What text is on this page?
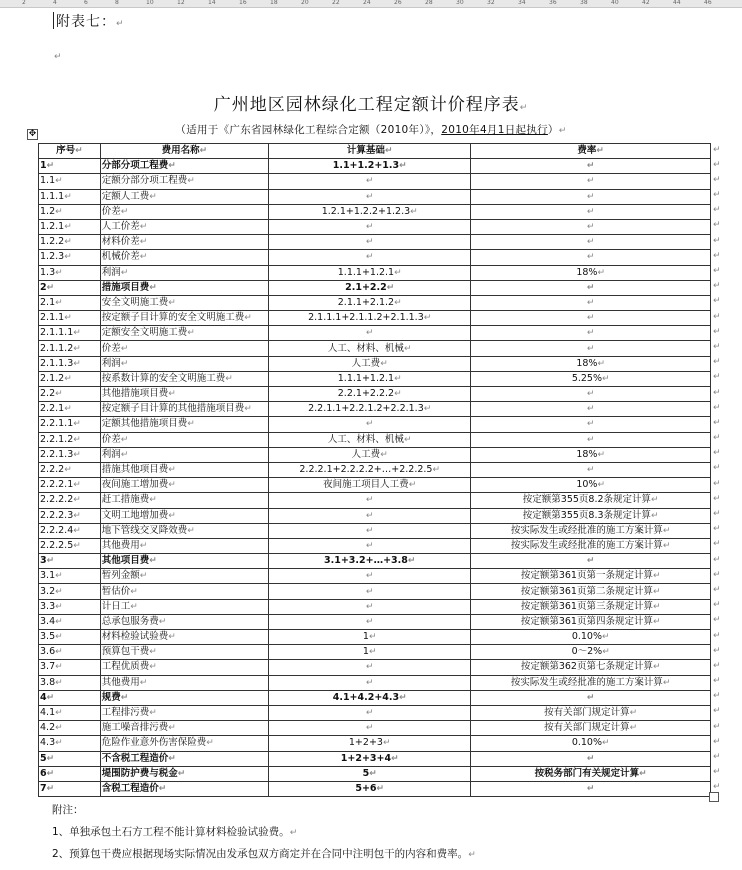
2	4	6	8	10	12	14	16	18	20	22	24	26	28	30	32	34	36	38	40	42	44	46
附表七：↵
↵
广州地区园林绿化工程定额计价程序表↵
（适用于《广东省园林绿化工程综合定额（2010年）》，2010年4月1日起执行）↵
✥
序号↵	费用名称↵	计算基础↵	费率↵
1↵	分部分项工程费↵	1.1+1.2+1.3↵	↵
1.1↵	定额分部分项工程费↵	↵	↵
1.1.1↵	定额人工费↵	↵	↵
1.2↵	价差↵	1.2.1+1.2.2+1.2.3↵	↵
1.2.1↵	人工价差↵	↵	↵
1.2.2↵	材料价差↵	↵	↵
1.2.3↵	机械价差↵	↵	↵
1.3↵	利润↵	1.1.1+1.2.1↵	18%↵
2↵	措施项目费↵	2.1+2.2↵	↵
2.1↵	安全文明施工费↵	2.1.1+2.1.2↵	↵
2.1.1↵	按定额子目计算的安全文明施工费↵	2.1.1.1+2.1.1.2+2.1.1.3↵	↵
2.1.1.1↵	定额安全文明施工费↵	↵	↵
2.1.1.2↵	价差↵	人工、材料、机械↵	↵
2.1.1.3↵	利润↵	人工费↵	18%↵
2.1.2↵	按系数计算的安全文明施工费↵	1.1.1+1.2.1↵	5.25%↵
2.2↵	其他措施项目费↵	2.2.1+2.2.2↵	↵
2.2.1↵	按定额子目计算的其他措施项目费↵	2.2.1.1+2.2.1.2+2.2.1.3↵	↵
2.2.1.1↵	定额其他措施项目费↵	↵	↵
2.2.1.2↵	价差↵	人工、材料、机械↵	↵
2.2.1.3↵	利润↵	人工费↵	18%↵
2.2.2↵	措施其他项目费↵	2.2.2.1+2.2.2.2+…+2.2.2.5↵	↵
2.2.2.1↵	夜间施工增加费↵	夜间施工项目人工费↵	10%↵
2.2.2.2↵	赶工措施费↵	↵	按定额第355页8.2条规定计算↵
2.2.2.3↵	文明工地增加费↵	↵	按定额第355页8.3条规定计算↵
2.2.2.4↵	地下管线交叉降效费↵	↵	按实际发生或经批准的施工方案计算↵
2.2.2.5↵	其他费用↵	↵	按实际发生或经批准的施工方案计算↵
3↵	其他项目费↵	3.1+3.2+…+3.8↵	↵
3.1↵	暂列金额↵	↵	按定额第361页第一条规定计算↵
3.2↵	暂估价↵	↵	按定额第361页第二条规定计算↵
3.3↵	计日工↵	↵	按定额第361页第三条规定计算↵
3.4↵	总承包服务费↵	↵	按定额第361页第四条规定计算↵
3.5↵	材料检验试验费↵	1↵	0.10%↵
3.6↵	预算包干费↵	1↵	0～2%↵
3.7↵	工程优质费↵	↵	按定额第362页第七条规定计算↵
3.8↵	其他费用↵	↵	按实际发生或经批准的施工方案计算↵
4↵	规费↵	4.1+4.2+4.3↵	↵
4.1↵	工程排污费↵	↵	按有关部门规定计算↵
4.2↵	施工噪音排污费↵	↵	按有关部门规定计算↵
4.3↵	危险作业意外伤害保险费↵	1+2+3↵	0.10%↵
5↵	不含税工程造价↵	1+2+3+4↵	↵
6↵	堤围防护费与税金↵	5↵	按税务部门有关规定计算↵
7↵	含税工程造价↵	5+6↵	↵
↵
↵
↵
↵
↵
↵
↵
↵
↵
↵
↵
↵
↵
↵
↵
↵
↵
↵
↵
↵
↵
↵
↵
↵
↵
↵
↵
↵
↵
↵
↵
↵
↵
↵
↵
↵
↵
↵
↵
↵
↵
↵
↵
附注：
1、单独承包土石方工程不能计算材料检验试验费。↵
2、预算包干费应根据现场实际情况由发承包双方商定并在合同中注明包干的内容和费率。↵
